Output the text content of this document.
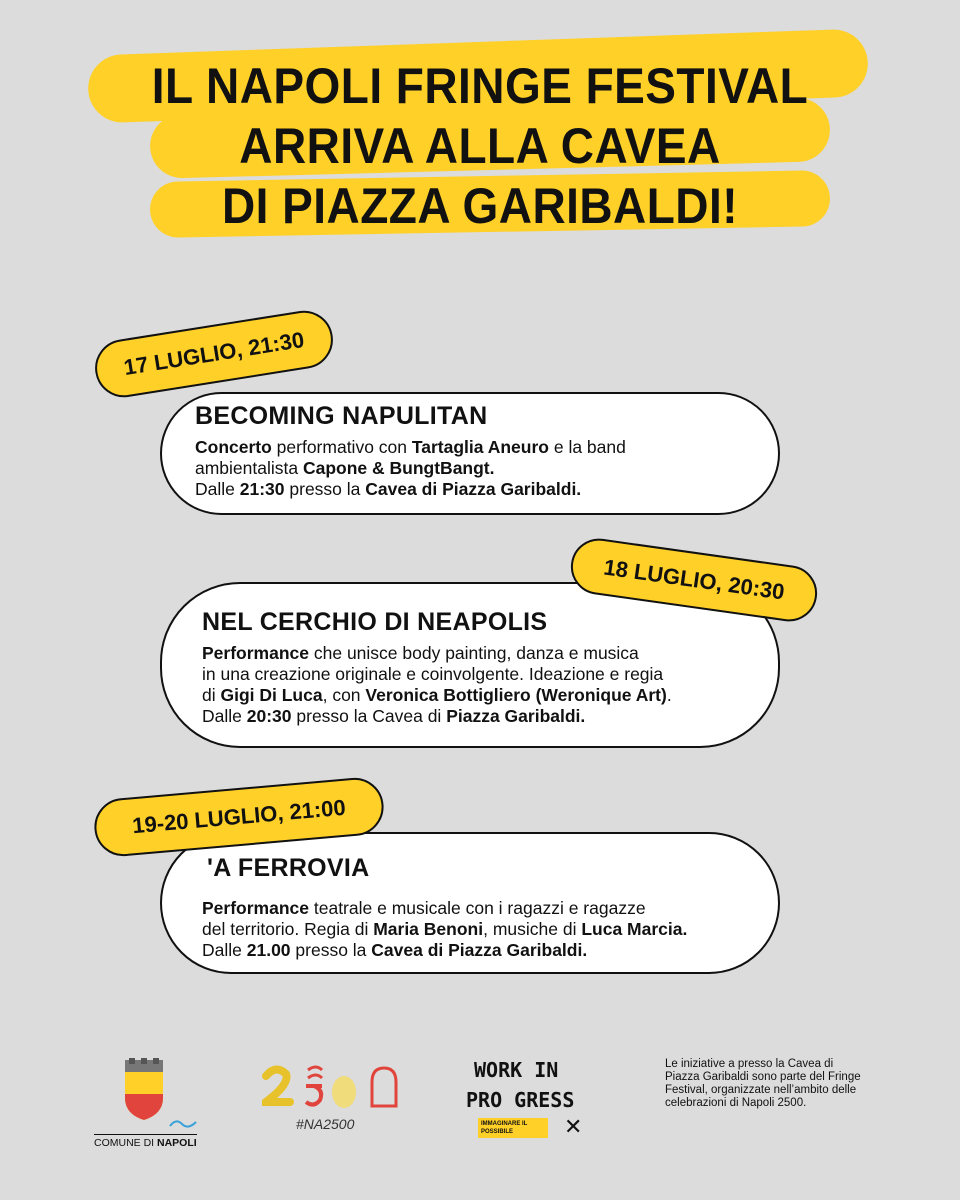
IL NAPOLI FRINGE FESTIVAL
ARRIVA ALLA CAVEA
DI PIAZZA GARIBALDI!
BECOMING NAPULITAN

Concerto performativo con Tartaglia Aneuro e la band

ambientalista Capone & BungtBangt.

Dalle 21:30 presso la Cavea di Piazza Garibaldi.

17 LUGLIO, 21:30
NEL CERCHIO DI NEAPOLIS

Performance che unisce body painting, danza e musica

in una creazione originale e coinvolgente. Ideazione e regia

di Gigi Di Luca, con Veronica Bottigliero (Weronique Art).

Dalle 20:30 presso la Cavea di Piazza Garibaldi.

18 LUGLIO, 20:30
'A FERROVIA

Performance teatrale e musicale con i ragazzi e ragazze

del territorio. Regia di Maria Benoni, musiche di Luca Marcia.

Dalle 21.00 presso la Cavea di Piazza Garibaldi.

19-20 LUGLIO, 21:00
COMUNE DI NAPOLI
#NA2500
WORK IN
PRO GRESS
IMMAGINARE IL POSSIBILE	✕
Le iniziative a presso la Cavea di Piazza Garibaldi sono parte del Fringe Festival, organizzate nell’ambito delle celebrazioni di Napoli 2500.
